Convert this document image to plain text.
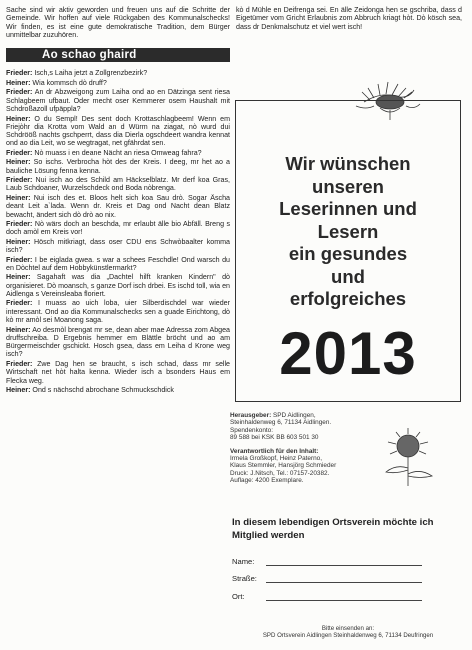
Sache sind wir aktiv geworden und freuen uns auf die Schritte der Gemeinde. Wir hoffen auf viele Rückgaben des Kommunalschecks! Wir finden, es ist eine gute demokratische Tradition, dem Bürger unmittelbar zuzuhören.

Ao schao ghaird

Frieder: Isch,s Laiha jetzt a Zollgrenzbezirk?

Heiner: Wia kommsch dò druff?

Frieder: An dr Abzweigong zum Laiha ond ao en Dätzinga sent riesa Schlagbeem ufbaut. Oder mecht oser Kemmerer osem Haushalt mit Schdroßazoll ufpäppla?

Heiner: O du Sempl! Des sent doch Krottaschlagbeem! Wenn em Friejòhr dia Krotta vom Wald an d Würm na ziagat, nò wurd dui Schdrööß nachts gschperrt, dass dia Dierla ogschdeert wandra kennat ond ao dia Leit, wo se wegtragat, net gfährdat sen.

Frieder: Nò muass i en deane Nächt an riesa Omweag fahra?

Heiner: So ischs. Verbrocha hòt des der Kreis. I deeg, mr het ao a bauliche Lösung fenna kenna.

Frieder: Nui isch ao des Schild am Häckselblatz. Mr derf koa Gras, Laub Schdoaner, Wurzelschdeck ond Boda nòbrenga.

Heiner: Nui isch des et. Bloos helt sich koa Sau drò. Sogar Äscha deant Leit a`lada. Wenn dr. Kreis et Dag ond Nacht dean Blatz bewacht, ändert sich dò drò ao nix.

Frieder: Nò wärs doch an beschda, mr erlaubt älle bio Abfäll. Breng s doch amòl em Kreis vor!

Heiner: Hösch mitkriagt, dass oser CDU ens Schwòbaalter komma isch?

Frieder: I be eiglada gwea. s war a schees Feschdle! Ond warsch du en Dòchtel auf dem Hobbykünstlermarkt?

Heiner: Sagahaft was dia „Dachtel hilft kranken Kindern" dò organisieret. Dò moansch, s ganze Dorf isch drbei. Es ischd toll, wia en Aidlenga s Vereinsleaba floriert.

Frieder: I muass ao uich loba, uier Silberdischdel war wieder interessant. Ond ao dia Kommunalschecks sen a guade Eirichtong, dò kò mr amòl sei Moanong saga.

Heiner: Ao desmòl brengat mr se, dean aber mae Adressa zom Abgea druffschreiba. D Ergebnis hemmer em Blättle bröcht und ao am Bürgermeischder gschickt. Hosch gsea, dass em Leiha d Krone weg isch?

Frieder: Zwe Dag hen se braucht, s isch schad, dass mr selle Wirtschaft net hòt halta kenna. Wieder isch a bsonders Haus em Flecka weg.

Heiner: Ond s nächschd abrochane Schmuckschdick

kò d Mühle en Deifrenga sei. En älle Zeidonga hen se gschriba, dass d Eigetümer vom Gricht Erlaubnis zom Abbruch kriagt hòt. Dò kösch sea, dass dr Denkmalschutz et viel wert isch!

Wir wünschen
unseren
Leserinnen und
Lesern
ein gesundes
und
erfolgreiches
2013
Herausgeber: SPD Aidlingen,
Steinhaldenweg 6, 71134 Aidlingen.
Spendenkonto:
89 588 bei KSK BB 603 501 30
Verantwortlich für den Inhalt:
Irmela Großkopf, Heinz Paterno,
Klaus Stemmler, Hansjörg Schmieder
Druck: J.Nitsch, Tel.: 07157-20382.
Auflage: 4200 Exemplare.
In diesem lebendigen Ortsverein möchte ich Mitglied werden
Name:
Straße:
Ort:
Bitte einsenden an:
SPD Ortsverein Aidlingen Steinhaldenweg 6, 71134 Deufringen
